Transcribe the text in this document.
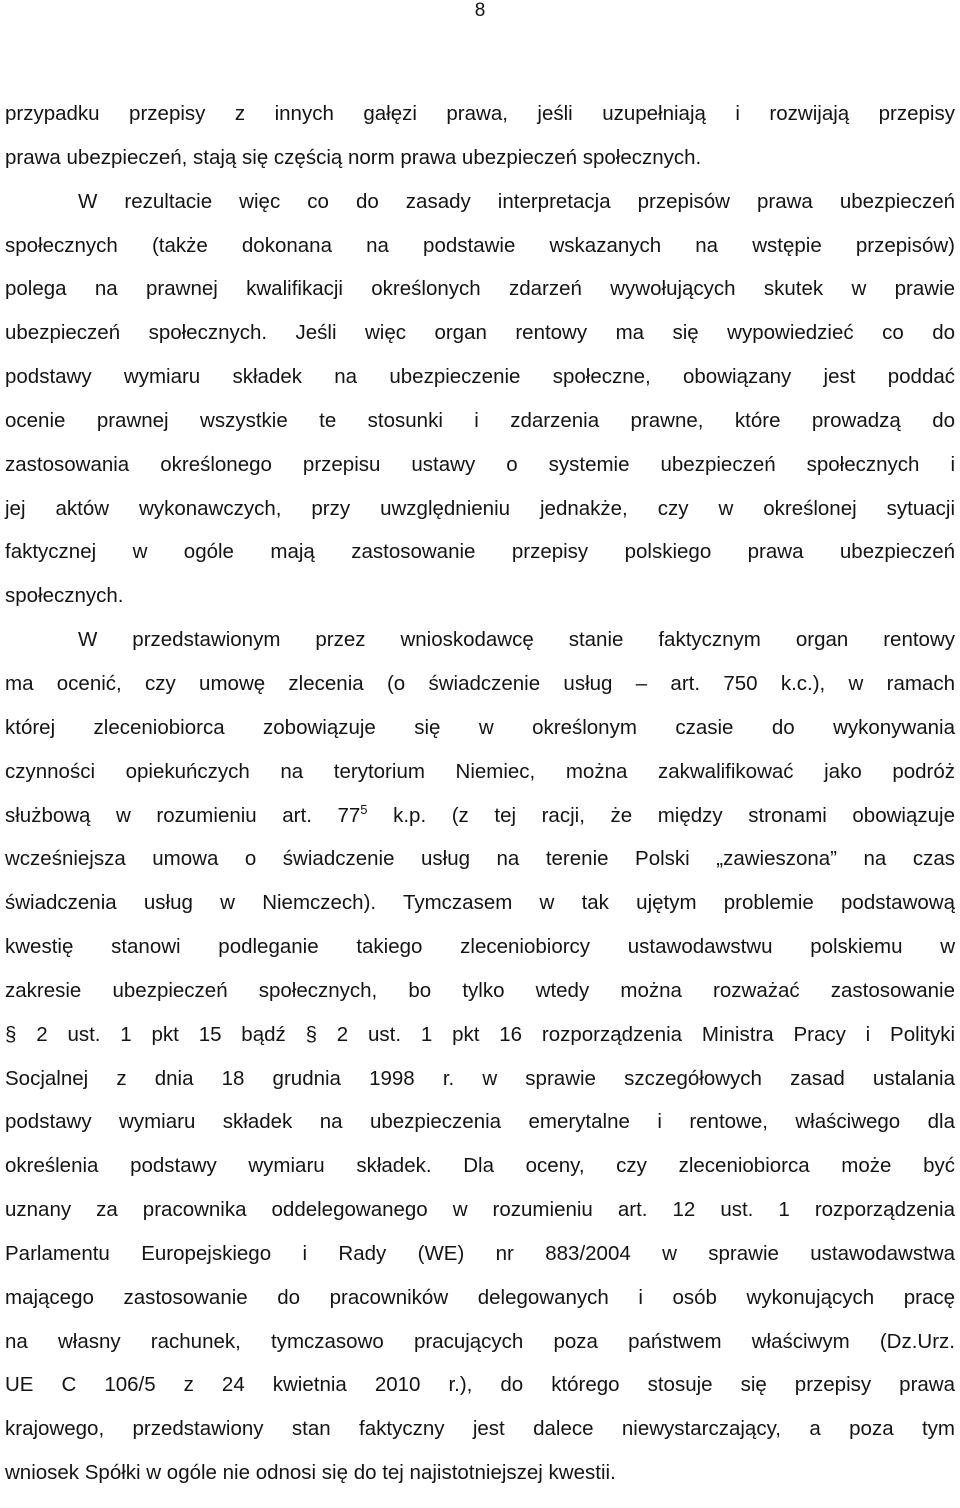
8
przypadku przepisy z innych gałęzi prawa, jeśli uzupełniają i rozwijają przepisy
prawa ubezpieczeń, stają się częścią norm prawa ubezpieczeń społecznych.
W rezultacie więc co do zasady interpretacja przepisów prawa ubezpieczeń
społecznych (także dokonana na podstawie wskazanych na wstępie przepisów)
polega na prawnej kwalifikacji określonych zdarzeń wywołujących skutek w prawie
ubezpieczeń społecznych. Jeśli więc organ rentowy ma się wypowiedzieć co do
podstawy wymiaru składek na ubezpieczenie społeczne, obowiązany jest poddać
ocenie prawnej wszystkie te stosunki i zdarzenia prawne, które prowadzą do
zastosowania określonego przepisu ustawy o systemie ubezpieczeń społecznych i
jej aktów wykonawczych, przy uwzględnieniu jednakże, czy w określonej sytuacji
faktycznej w ogóle mają zastosowanie przepisy polskiego prawa ubezpieczeń
społecznych.
W przedstawionym przez wnioskodawcę stanie faktycznym organ rentowy
ma ocenić, czy umowę zlecenia (o świadczenie usług – art. 750 k.c.), w ramach
której zleceniobiorca zobowiązuje się w określonym czasie do wykonywania
czynności opiekuńczych na terytorium Niemiec, można zakwalifikować jako podróż
służbową w rozumieniu art. $77^5$ k.p. (z tej racji, że między stronami obowiązuje
wcześniejsza umowa o świadczenie usług na terenie Polski „zawieszona” na czas
świadczenia usług w Niemczech). Tymczasem w tak ujętym problemie podstawową
kwestię stanowi podleganie takiego zleceniobiorcy ustawodawstwu polskiemu w
zakresie ubezpieczeń społecznych, bo tylko wtedy można rozważać zastosowanie
§ 2 ust. 1 pkt 15 bądź § 2 ust. 1 pkt 16 rozporządzenia Ministra Pracy i Polityki
Socjalnej z dnia 18 grudnia 1998 r. w sprawie szczegółowych zasad ustalania
podstawy wymiaru składek na ubezpieczenia emerytalne i rentowe, właściwego dla
określenia podstawy wymiaru składek. Dla oceny, czy zleceniobiorca może być
uznany za pracownika oddelegowanego w rozumieniu art. 12 ust. 1 rozporządzenia
Parlamentu Europejskiego i Rady (WE) nr 883/2004 w sprawie ustawodawstwa
mającego zastosowanie do pracowników delegowanych i osób wykonujących pracę
na własny rachunek, tymczasowo pracujących poza państwem właściwym (Dz.Urz.
UE C 106/5 z 24 kwietnia 2010 r.), do którego stosuje się przepisy prawa
krajowego, przedstawiony stan faktyczny jest dalece niewystarczający, a poza tym
wniosek Spółki w ogóle nie odnosi się do tej najistotniejszej kwestii.
